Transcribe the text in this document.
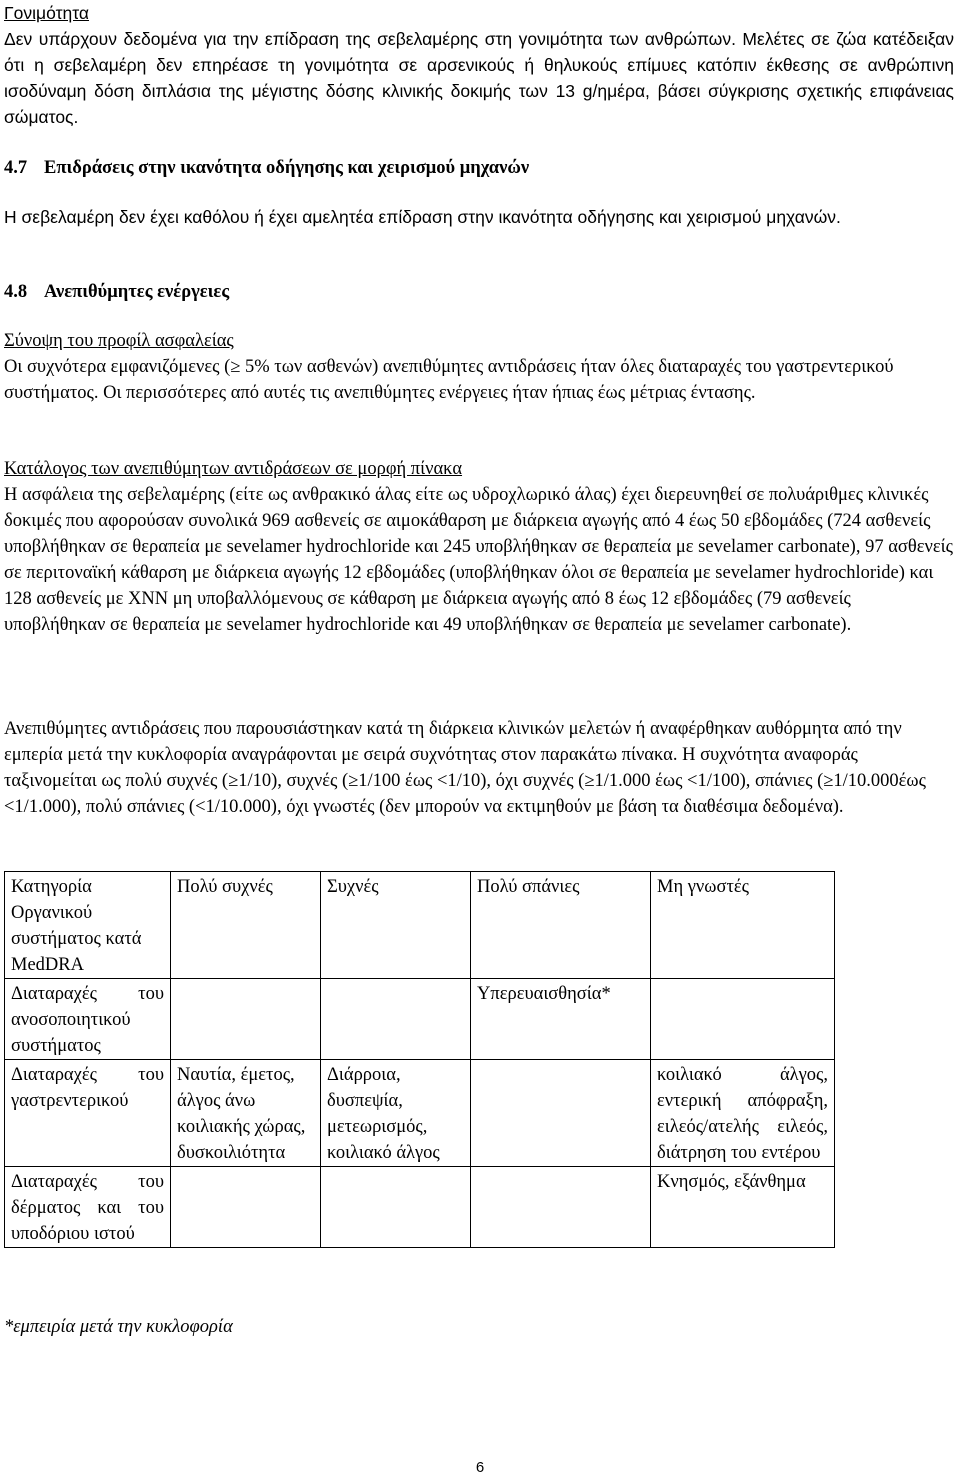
Γονιμότητα

Δεν υπάρχουν δεδομένα για την επίδραση της σεβελαμέρης στη γονιμότητα των ανθρώπων. Μελέτες σε ζώα κατέδειξαν ότι η σεβελαμέρη δεν επηρέασε τη γονιμότητα σε αρσενικούς ή θηλυκούς επίμυες κατόπιν έκθεσης σε ανθρώπινη ισοδύναμη δόση διπλάσια της μέγιστης δόσης κλινικής δοκιμής των 13 g/ημέρα, βάσει σύγκρισης σχετικής επιφάνειας σώματος.

4.7 Επιδράσεις στην ικανότητα οδήγησης και χειρισμού μηχανών

Η σεβελαμέρη δεν έχει καθόλου ή έχει αμελητέα επίδραση στην ικανότητα οδήγησης και χειρισμού μηχανών.

4.8 Ανεπιθύμητες ενέργειες

Σύνοψη του προφίλ ασφαλείας

Οι συχνότερα εμφανιζόμενες (≥ 5% των ασθενών) ανεπιθύμητες αντιδράσεις ήταν όλες διαταραχές του γαστρεντερικού συστήματος. Οι περισσότερες από αυτές τις ανεπιθύμητες ενέργειες ήταν ήπιας έως μέτριας έντασης.

Κατάλογος των ανεπιθύμητων αντιδράσεων σε μορφή πίνακα

Η ασφάλεια της σεβελαμέρης (είτε ως ανθρακικό άλας είτε ως υδροχλωρικό άλας) έχει διερευνηθεί σε πολυάριθμες κλινικές δοκιμές που αφορούσαν συνολικά 969 ασθενείς σε αιμοκάθαρση με διάρκεια αγωγής από 4 έως 50 εβδομάδες (724 ασθενείς υποβλήθηκαν σε θεραπεία με sevelamer hydrochloride και 245 υποβλήθηκαν σε θεραπεία με sevelamer carbonate), 97 ασθενείς σε περιτοναϊκή κάθαρση με διάρκεια αγωγής 12 εβδομάδες (υποβλήθηκαν όλοι σε θεραπεία με sevelamer hydrochloride) και 128 ασθενείς με ΧΝΝ μη υποβαλλόμενους σε κάθαρση με διάρκεια αγωγής από 8 έως 12 εβδομάδες (79 ασθενείς υποβλήθηκαν σε θεραπεία με sevelamer hydrochloride και 49 υποβλήθηκαν σε θεραπεία με sevelamer carbonate).

Ανεπιθύμητες αντιδράσεις που παρουσιάστηκαν κατά τη διάρκεια κλινικών μελετών ή αναφέρθηκαν αυθόρμητα από την εμπερία μετά την κυκλοφορία αναγράφονται με σειρά συχνότητας στον παρακάτω πίνακα. Η συχνότητα αναφοράς ταξινομείται ως πολύ συχνές (≥1/10), συχνές (≥1/100 έως <1/10), όχι συχνές (≥1/1.000 έως <1/100), σπάνιες (≥1/10.000έως <1/1.000), πολύ σπάνιες (<1/10.000), όχι γνωστές (δεν μπορούν να εκτιμηθούν με βάση τα διαθέσιμα δεδομένα).

Κατηγορία Οργανικού συστήματος κατά MedDRA	Πολύ συχνές	Συχνές	Πολύ σπάνιες	Μη γνωστές
Διαταραχές του ανοσοποιητικού συστήματος			Υπερευαισθησία*	
Διαταραχές του γαστρεντερικού	Ναυτία, έμετος, άλγος άνω κοιλιακής χώρας, δυσκοιλιότητα	Διάρροια, δυσπεψία, μετεωρισμός, κοιλιακό άλγος		κοιλιακό άλγος, εντερική απόφραξη, ειλεός/ατελής ειλεός, διάτρηση του εντέρου
Διαταραχές του δέρματος και του υποδόριου ιστού				Κνησμός, εξάνθημα
*εμπειρία μετά την κυκλοφορία
6
